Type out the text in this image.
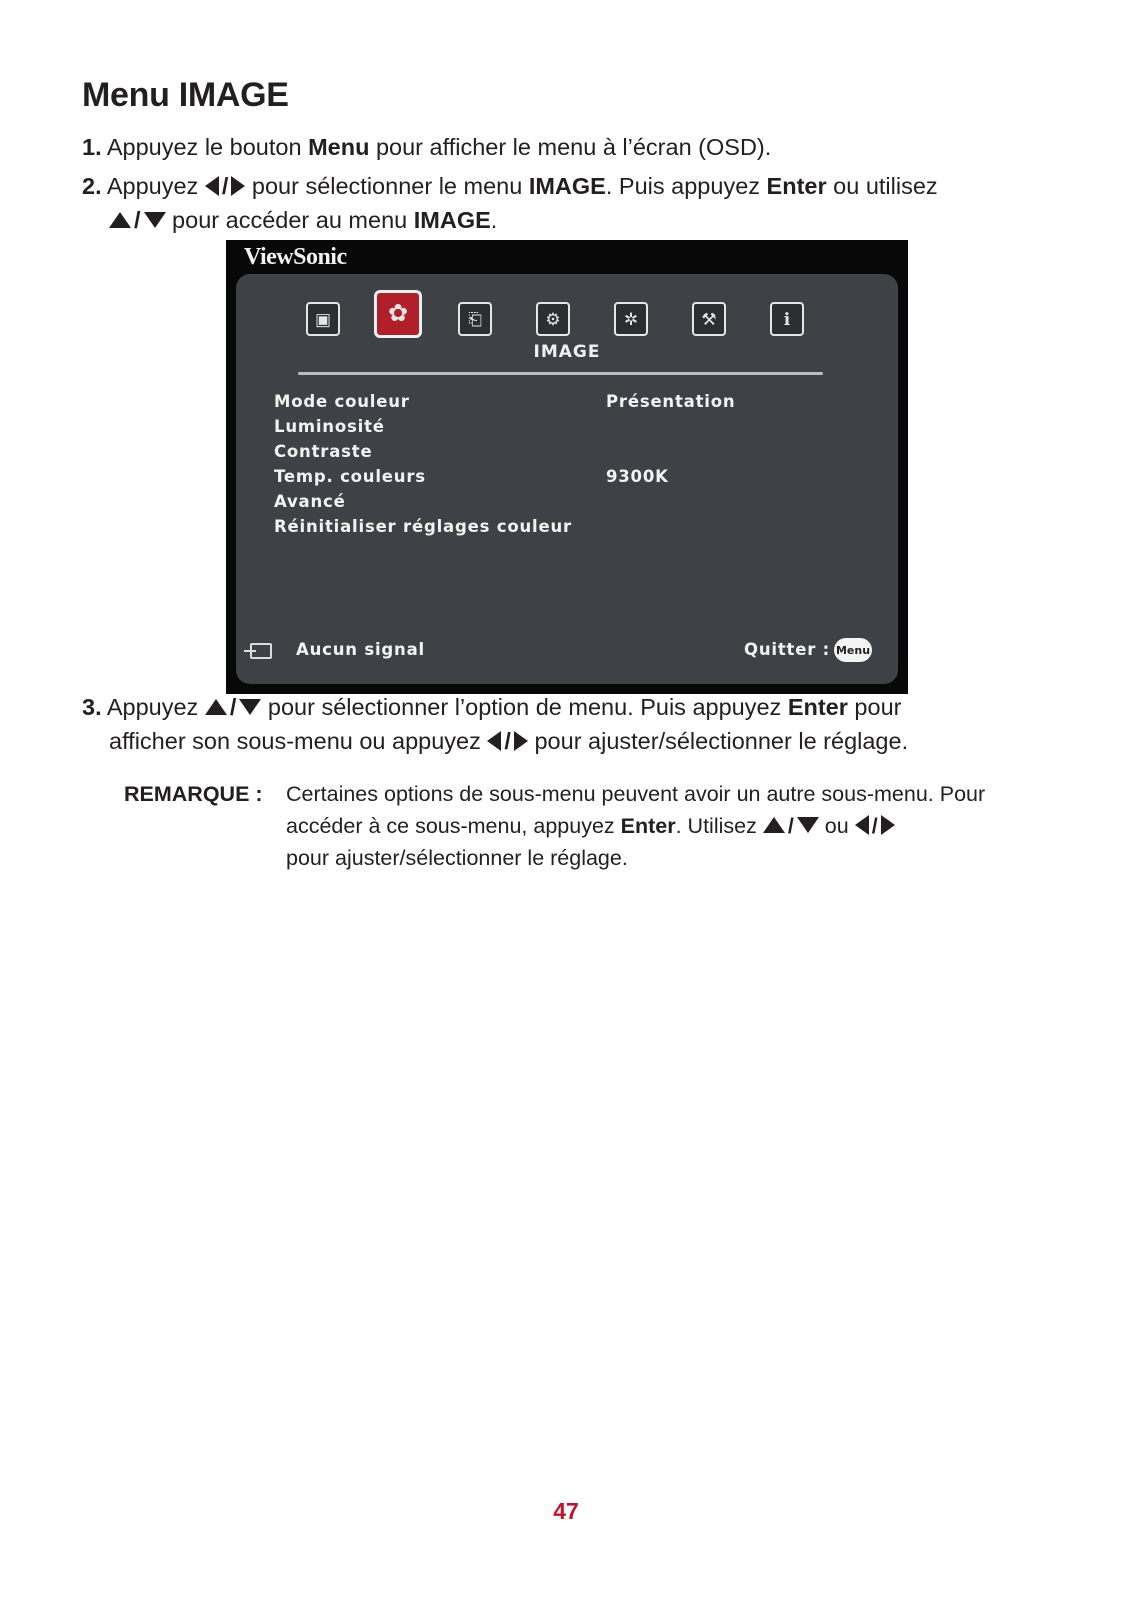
Menu IMAGE
1. Appuyez le bouton Menu pour afficher le menu à l’écran (OSD).
2. Appuyez / pour sélectionner le menu IMAGE. Puis appuyez Enter ou utilisez
/ pour accéder au menu IMAGE.
ViewSonic
▣	✿	⎗	⚙	✲	⚒	ℹ
IMAGE
Mode couleur	Présentation
Luminosité
Contraste
Temp. couleurs	9300K
Avancé
Réinitialiser réglages couleur
Aucun signal	Quitter : Menu
3. Appuyez / pour sélectionner l’option de menu. Puis appuyez Enter pour
afficher son sous-menu ou appuyez / pour ajuster/sélectionner le réglage.
REMARQUE : Certaines options de sous-menu peuvent avoir un autre sous-menu. Pour accéder à ce sous-menu, appuyez Enter. Utilisez / ou /
pour ajuster/sélectionner le réglage.
47
